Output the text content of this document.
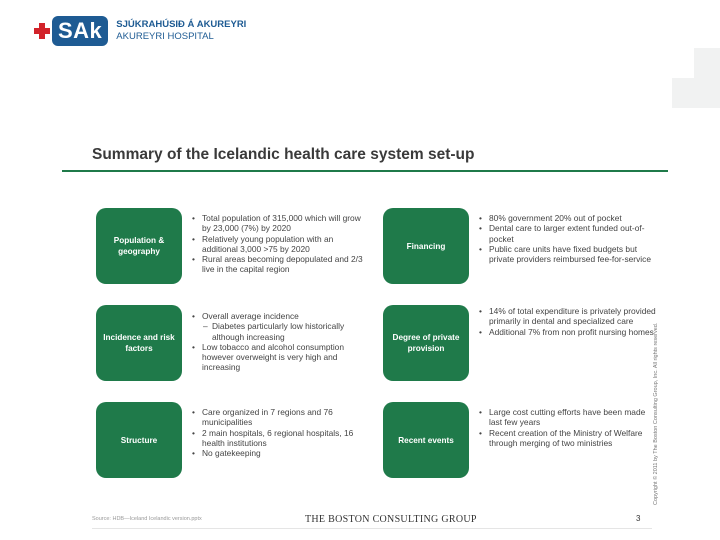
SAk	SJÚKRAHÚSIÐ Á AKUREYRI
AKUREYRI HOSPITAL
Summary of the Icelandic health care system set-up
Population & geography
• Total population of 315,000 which will grow by 23,000 (7%) by 2020
• Relatively young population with an additional 3,000 >75 by 2020
• Rural areas becoming depopulated and 2/3 live in the capital region
Financing
• 80% government 20% out of pocket
• Dental care to larger extent funded out-of-pocket
• Public care units have fixed budgets but private providers reimbursed fee-for-service
Incidence and risk factors
• Overall average incidence
– Diabetes particularly low historically although increasing
• Low tobacco and alcohol consumption however overweight is very high and increasing
Degree of private provision
• 14% of total expenditure is privately provided primarily in dental and specialized care
• Additional 7% from non profit nursing homes
Structure
• Care organized in 7 regions and 76 municipalities
• 2 main hospitals, 6 regional hospitals, 16 health institutions
• No gatekeeping
Recent events
• Large cost cutting efforts have been made last few years
• Recent creation of the Ministry of Welfare through merging of two ministries	Copyright © 2011 by The Boston Consulting Group, Inc. All rights reserved.
Source: HDB—Iceland Icelandic version.pptx	THE BOSTON CONSULTING GROUP	3
